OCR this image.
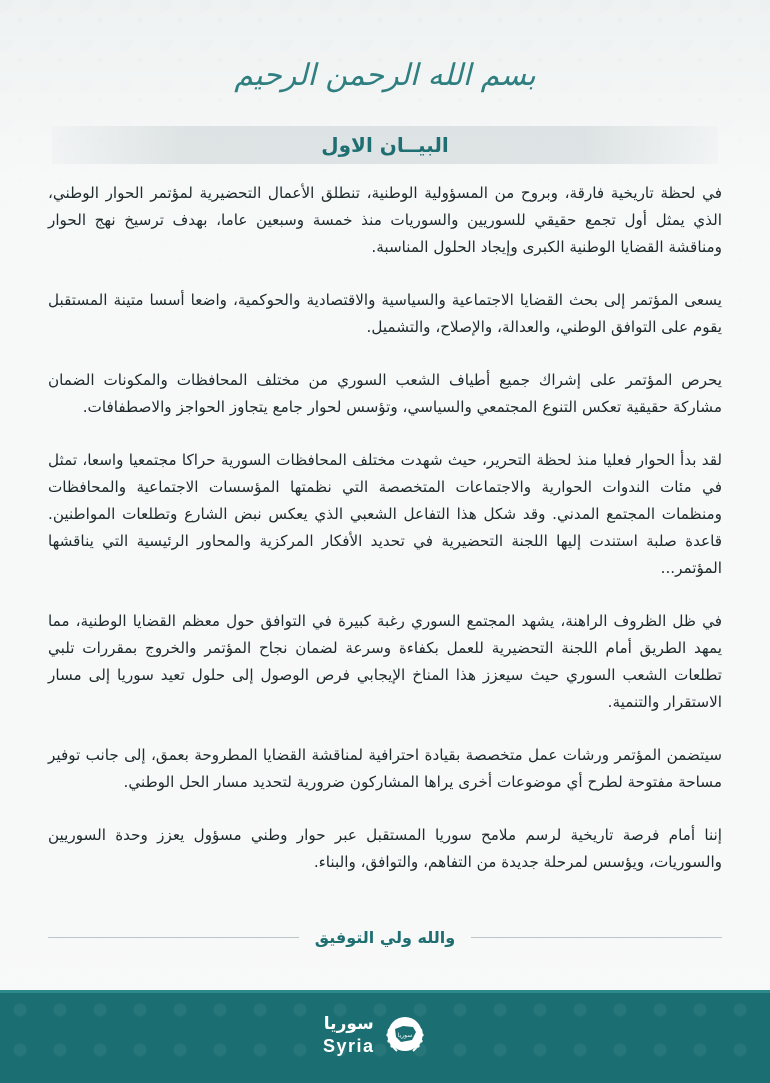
بسم الله الرحمن الرحيم
البيــان الاول

في لحظة تاريخية فارقة، وبروح من المسؤولية الوطنية، تنطلق الأعمال التحضيرية لمؤتمر الحوار الوطني، الذي يمثل أول تجمع حقيقي للسوريين والسوريات منذ خمسة وسبعين عاما، بهدف ترسيخ نهج الحوار ومناقشة القضايا الوطنية الكبرى وإيجاد الحلول المناسبة.

يسعى المؤتمر إلى بحث القضايا الاجتماعية والسياسية والاقتصادية والحوكمية، واضعا أسسا متينة المستقبل يقوم على التوافق الوطني، والعدالة، والإصلاح، والتشميل.

يحرص المؤتمر على إشراك جميع أطياف الشعب السوري من مختلف المحافظات والمكونات الضمان مشاركة حقيقية تعكس التنوع المجتمعي والسياسي، وتؤسس لحوار جامع يتجاوز الحواجز والاصطفافات.

لقد بدأ الحوار فعليا منذ لحظة التحرير، حيث شهدت مختلف المحافظات السورية حراكا مجتمعيا واسعا، تمثل في مئات الندوات الحوارية والاجتماعات المتخصصة التي نظمتها المؤسسات الاجتماعية والمحافظات ومنظمات المجتمع المدني. وقد شكل هذا التفاعل الشعبي الذي يعكس نبض الشارع وتطلعات المواطنين. قاعدة صلبة استندت إليها اللجنة التحضيرية في تحديد الأفكار المركزية والمحاور الرئيسية التي يناقشها المؤتمر...

في ظل الظروف الراهنة، يشهد المجتمع السوري رغبة كبيرة في التوافق حول معظم القضايا الوطنية، مما يمهد الطريق أمام اللجنة التحضيرية للعمل بكفاءة وسرعة لضمان نجاح المؤتمر والخروج بمقررات تلبي تطلعات الشعب السوري حيث سيعزز هذا المناخ الإيجابي فرص الوصول إلى حلول تعيد سوريا إلى مسار الاستقرار والتنمية.

سيتضمن المؤتمر ورشات عمل متخصصة بقيادة احترافية لمناقشة القضايا المطروحة بعمق، إلى جانب توفير مساحة مفتوحة لطرح أي موضوعات أخرى يراها المشاركون ضرورية لتحديد مسار الحل الوطني.

إننا أمام فرصة تاريخية لرسم ملامح سوريا المستقبل عبر حوار وطني مسؤول يعزز وحدة السوريين والسوريات، ويؤسس لمرحلة جديدة من التفاهم، والتوافق، والبناء.

والله ولي التوفيق
سوريا
Syria	سوريا
